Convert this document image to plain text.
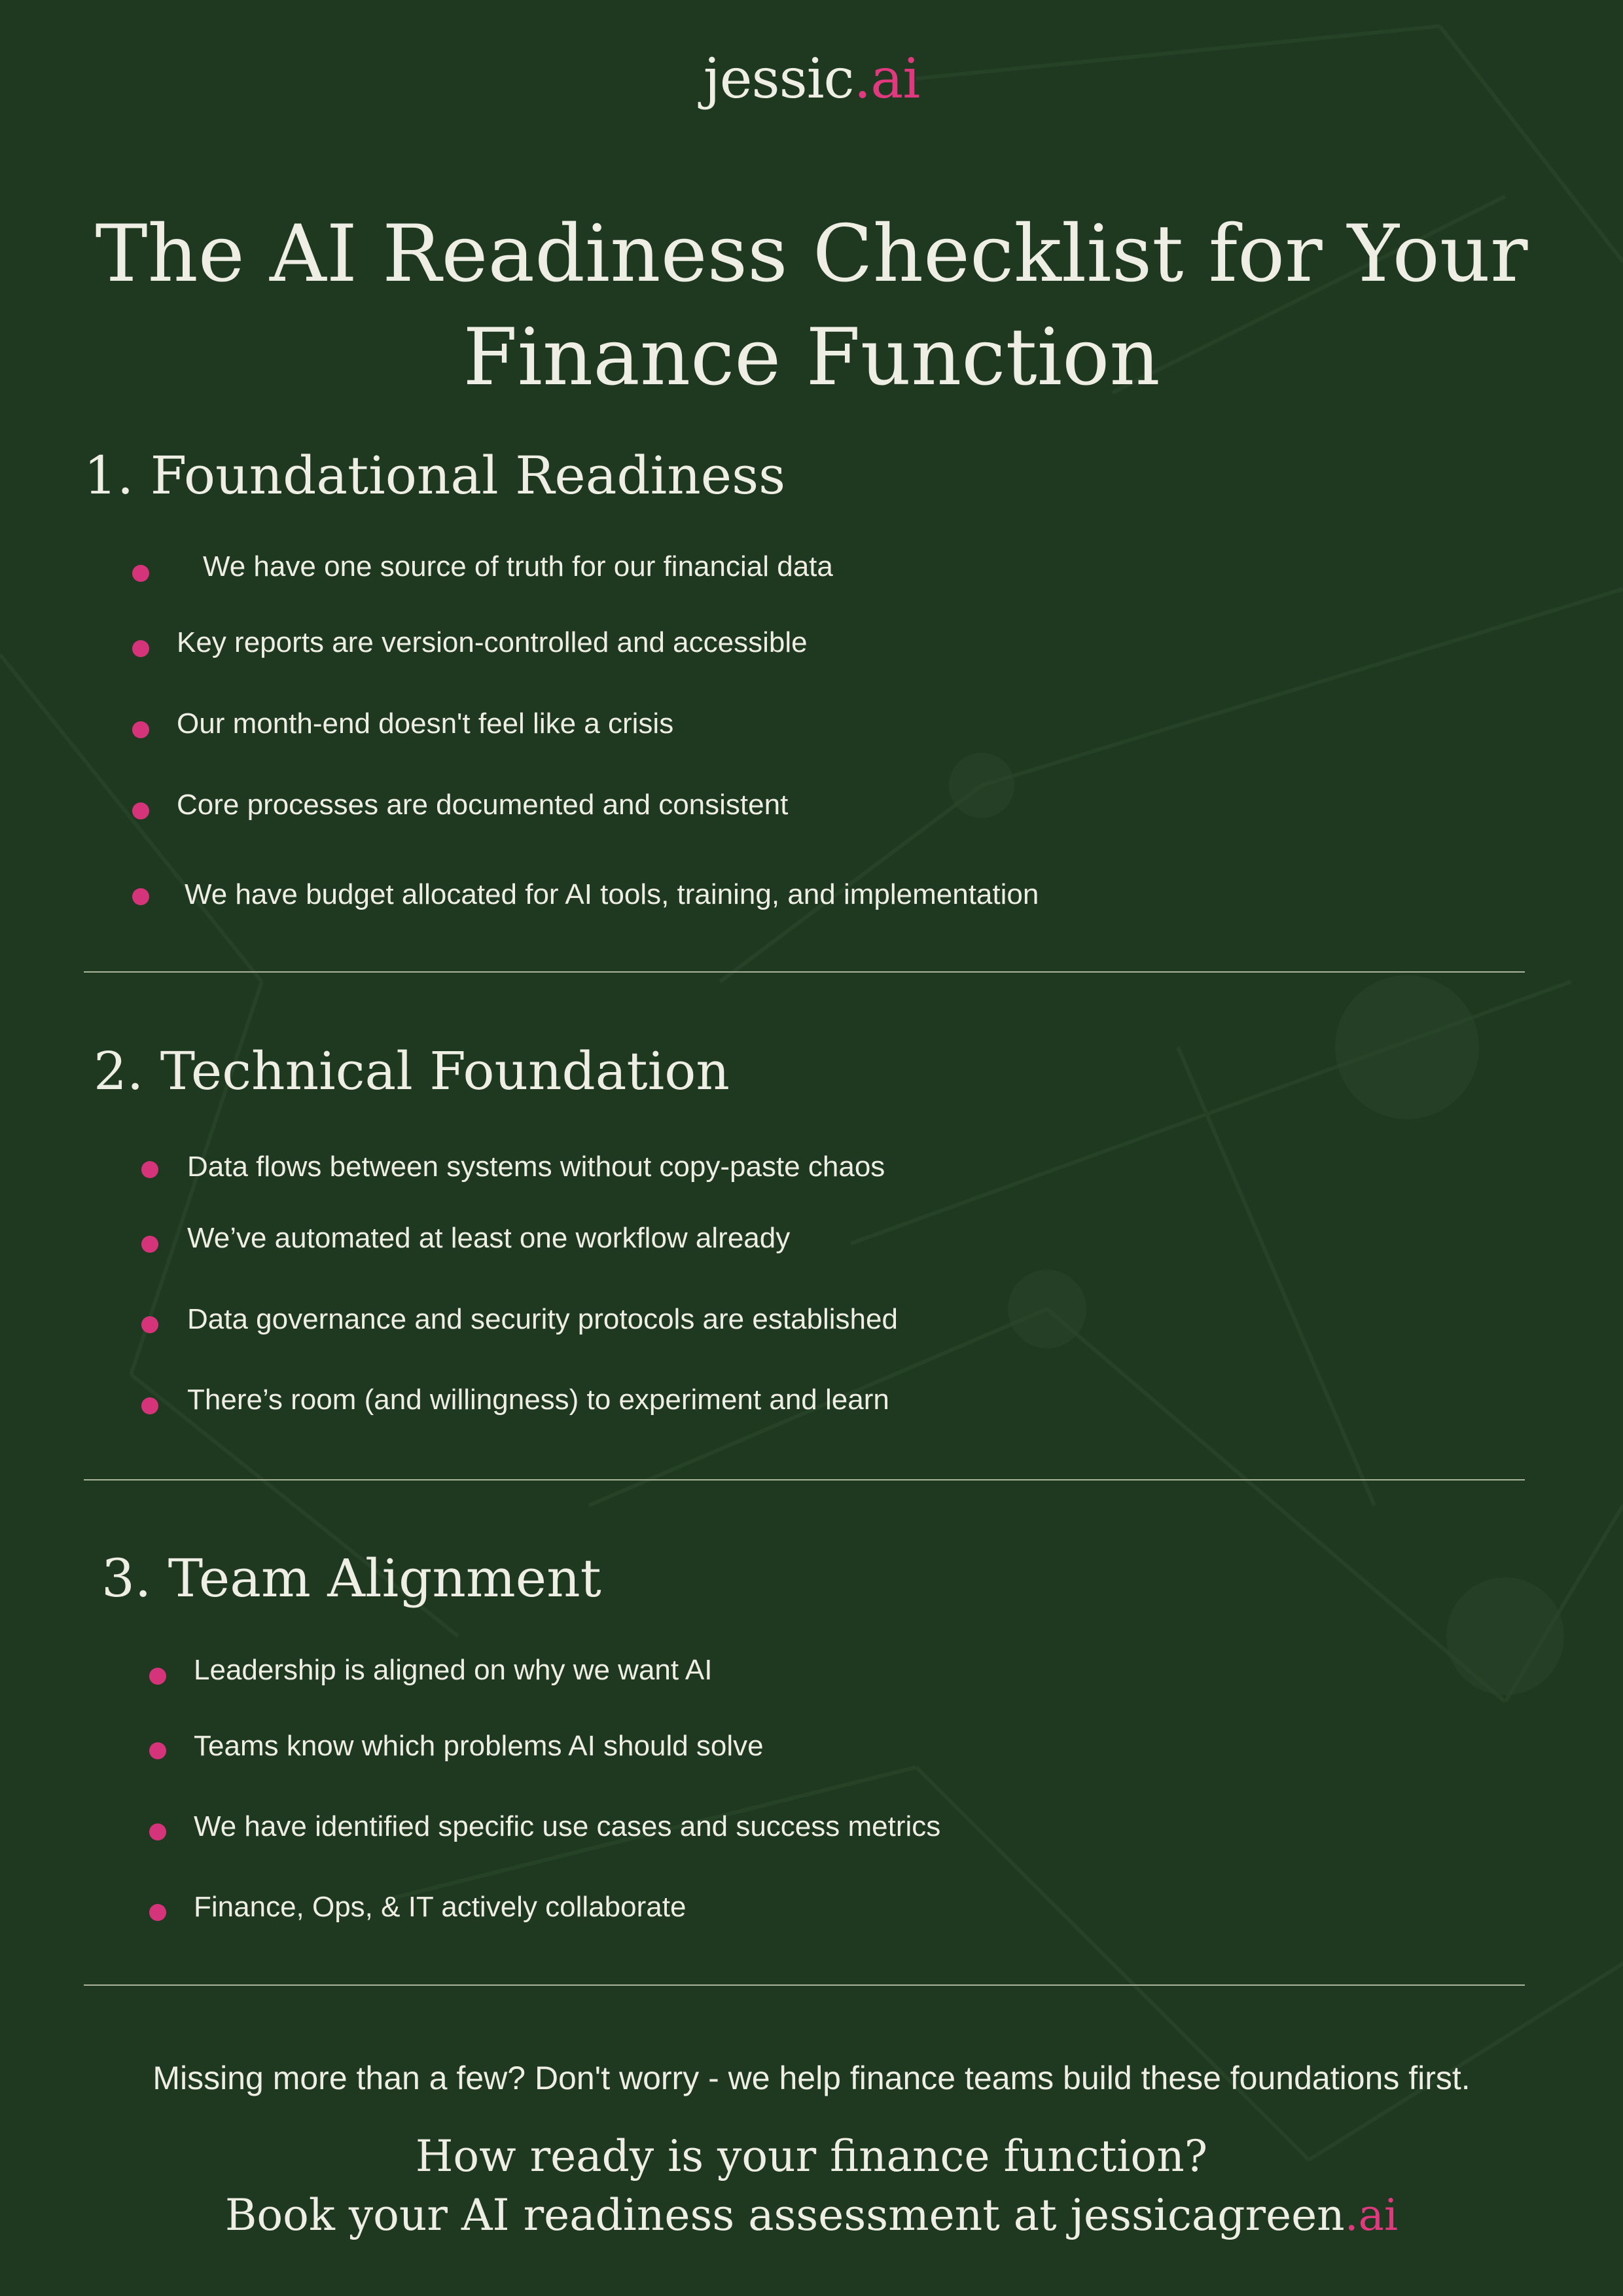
jessic.ai
The AI Readiness Checklist for Your Finance Function
1. Foundational Readiness
We have one source of truth for our financial data
Key reports are version-controlled and accessible
Our month-end doesn't feel like a crisis
Core processes are documented and consistent
We have budget allocated for AI tools, training, and implementation
2. Technical Foundation
Data flows between systems without copy-paste chaos
We’ve automated at least one workflow already
Data governance and security protocols are established
There’s room (and willingness) to experiment and learn
3. Team Alignment
Leadership is aligned on why we want AI
Teams know which problems AI should solve
We have identified specific use cases and success metrics
Finance, Ops, & IT actively collaborate
Missing more than a few? Don't worry - we help finance teams build these foundations first.
How ready is your finance function?
Book your AI readiness assessment at jessicagreen.ai
